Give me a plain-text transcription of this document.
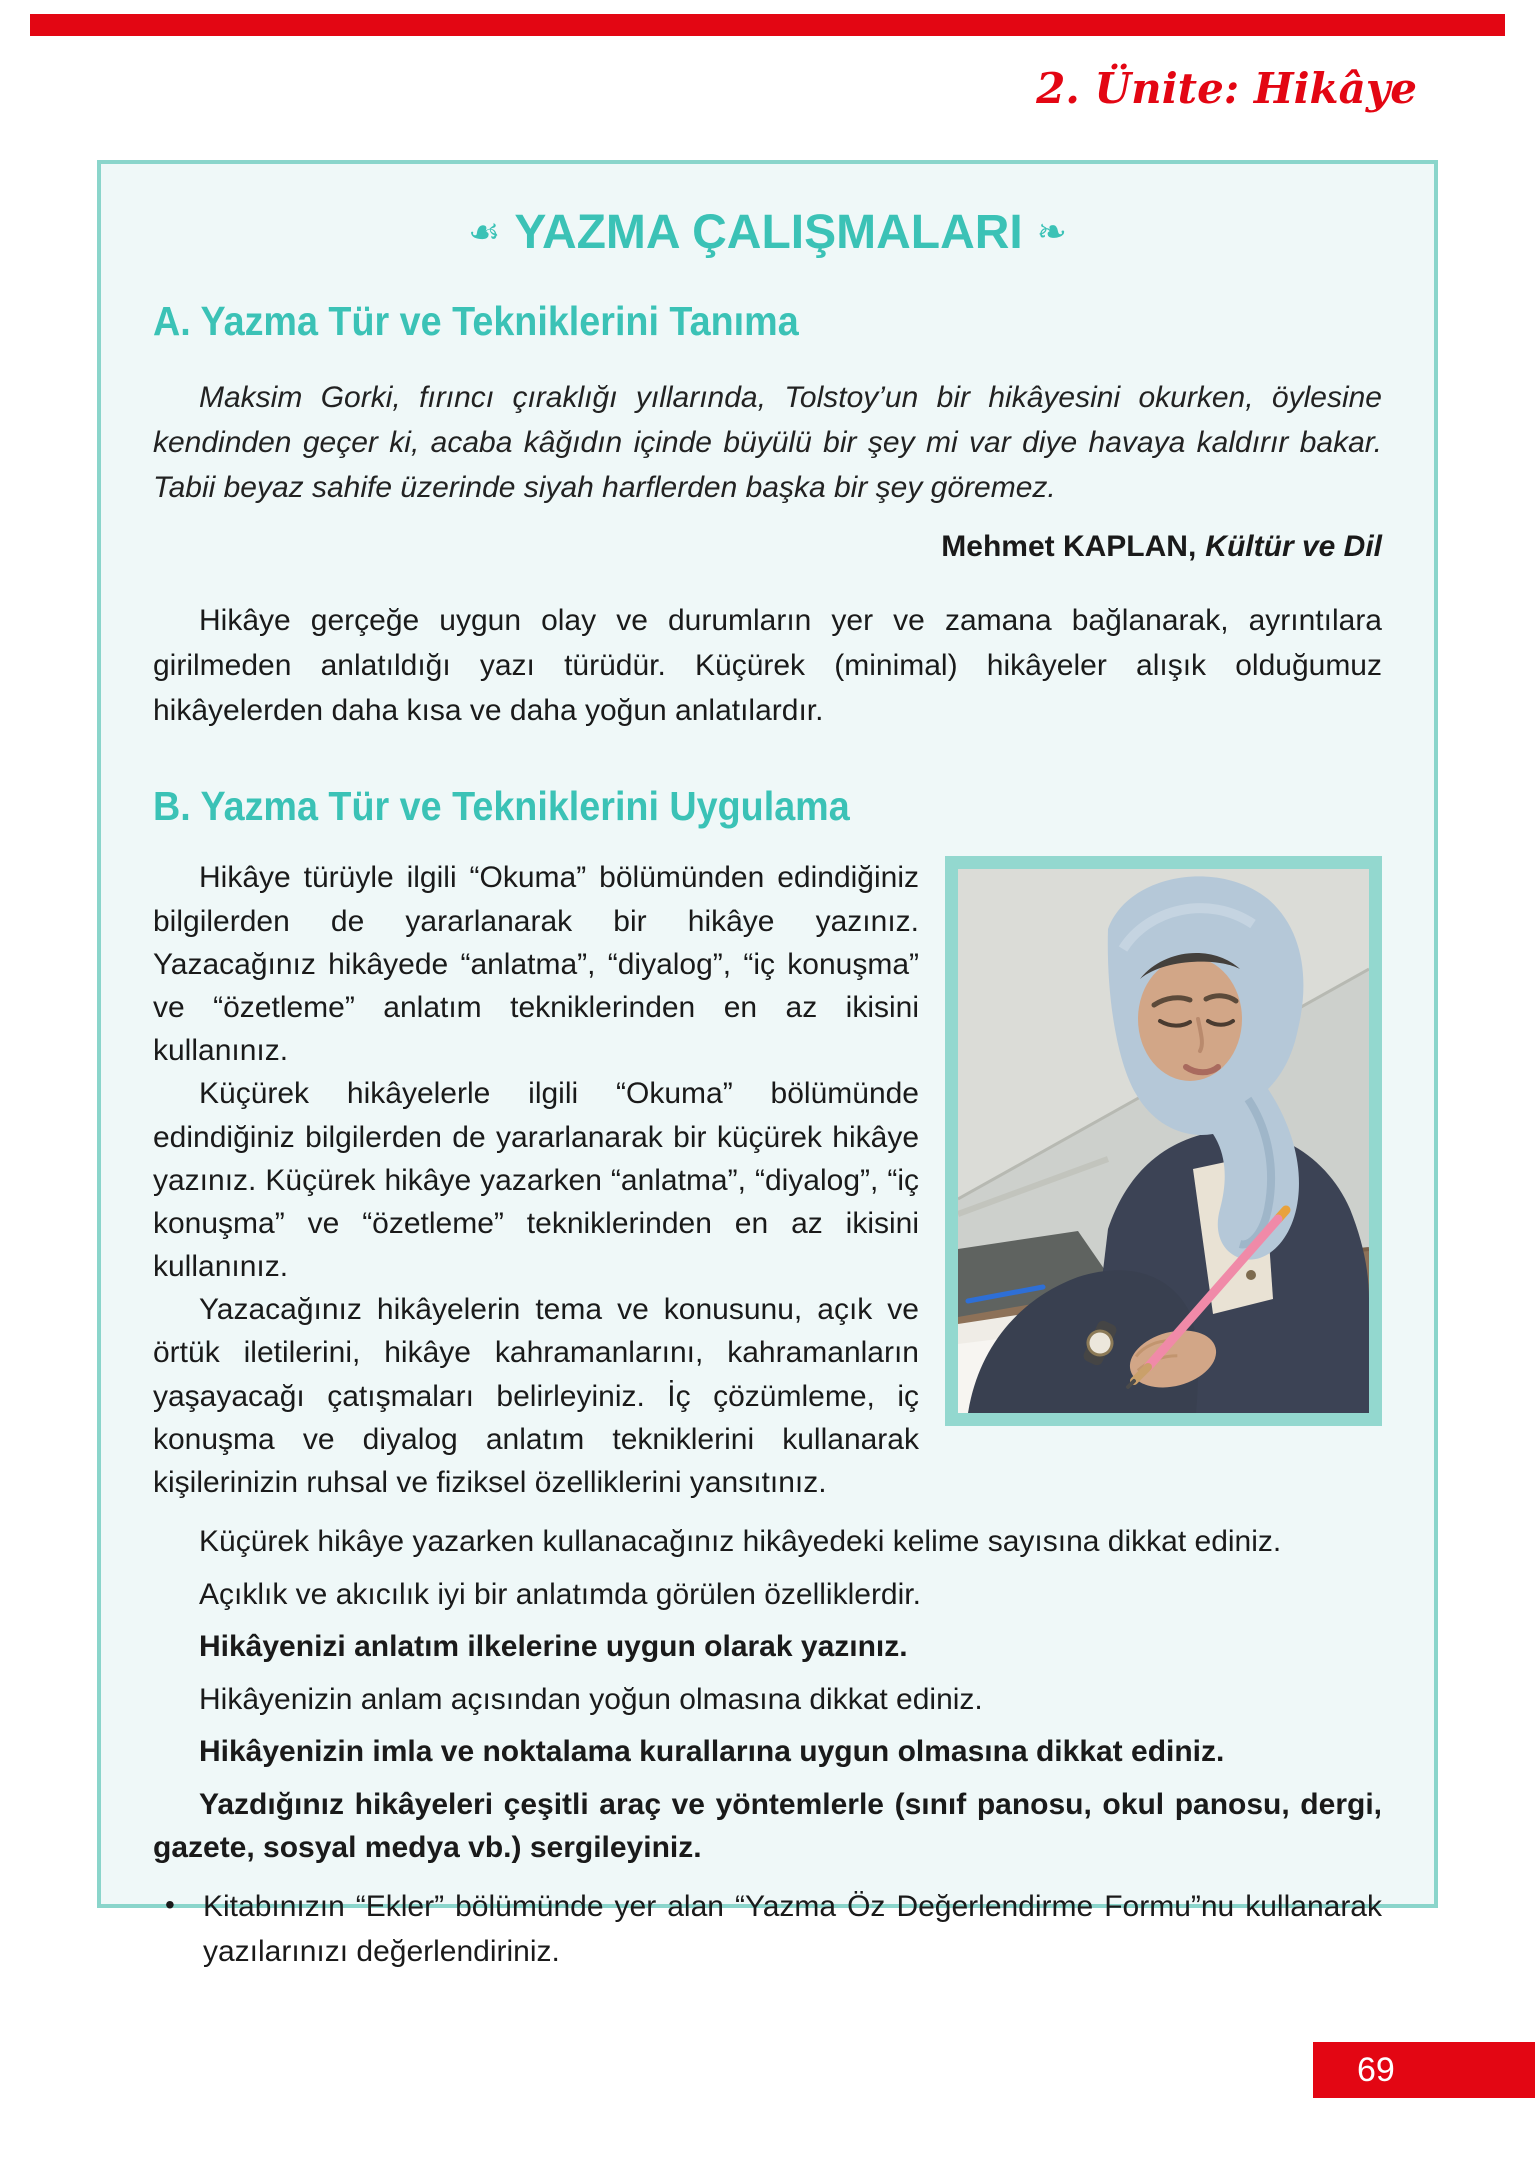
2. Ünite: Hikâye
☙ YAZMA ÇALIŞMALARI ❧
A. Yazma Tür ve Tekniklerini Tanıma

Maksim Gorki, fırıncı çıraklığı yıllarında, Tolstoy’un bir hikâyesini okurken, öylesine kendinden geçer ki, acaba kâğıdın içinde büyülü bir şey mi var diye havaya kaldırır bakar. Tabii beyaz sahife üzerinde siyah harflerden başka bir şey göremez.

Mehmet KAPLAN, Kültür ve Dil

Hikâye gerçeğe uygun olay ve durumların yer ve zamana bağlanarak, ayrıntılara girilmeden anlatıldığı yazı türüdür. Küçürek (minimal) hikâyeler alışık olduğumuz hikâyelerden daha kısa ve daha yoğun anlatılardır.

B. Yazma Tür ve Tekniklerini Uygulama

Hikâye türüyle ilgili “Okuma” bölümünden edindiğiniz bilgilerden de yararlanarak bir hikâye yazınız. Yazacağınız hikâyede “anlatma”, “diyalog”, “iç konuşma” ve “özetleme” anlatım tekniklerinden en az ikisini kullanınız.

Küçürek hikâyelerle ilgili “Okuma” bölümünde edindiğiniz bilgilerden de yararlanarak bir küçürek hikâye yazınız. Küçürek hikâye yazarken “anlatma”, “diyalog”, “iç konuşma” ve “özetleme” tekniklerinden en az ikisini kullanınız.

Yazacağınız hikâyelerin tema ve konusunu, açık ve örtük iletilerini, hikâye kahramanlarını, kahramanların yaşayacağı çatışmaları belirleyiniz. İç çözümleme, iç konuşma ve diyalog anlatım tekniklerini kullanarak kişilerinizin ruhsal ve fiziksel özelliklerini yansıtınız.

Küçürek hikâye yazarken kullanacağınız hikâyedeki kelime sayısına dikkat ediniz.

Açıklık ve akıcılık iyi bir anlatımda görülen özelliklerdir.

Hikâyenizi anlatım ilkelerine uygun olarak yazınız.

Hikâyenizin anlam açısından yoğun olmasına dikkat ediniz.

Hikâyenizin imla ve noktalama kurallarına uygun olmasına dikkat ediniz.

Yazdığınız hikâyeleri çeşitli araç ve yöntemlerle (sınıf panosu, okul panosu, dergi, gazete, sosyal medya vb.) sergileyiniz.

• Kitabınızın “Ekler” bölümünde yer alan “Yazma Öz Değerlendirme Formu”nu kullanarak yazılarınızı değerlendiriniz.
69
